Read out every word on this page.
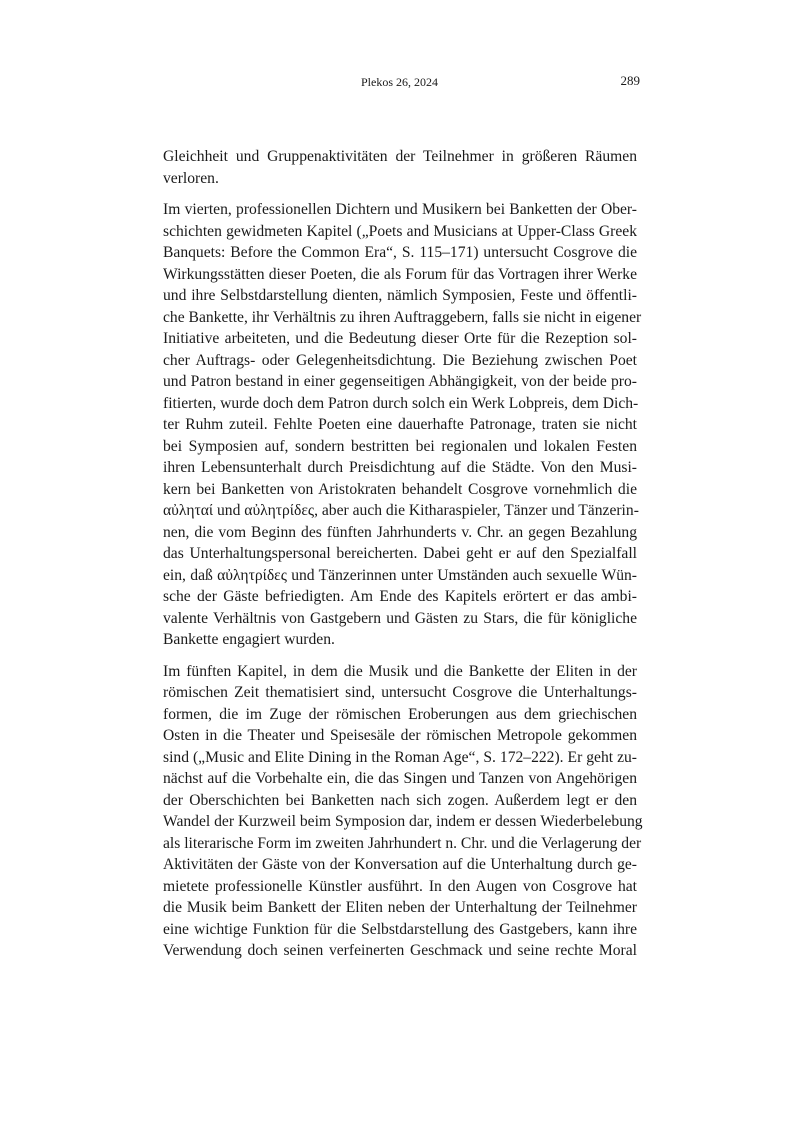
Plekos 26, 2024	289
Gleichheit und Gruppenaktivitäten der Teilnehmer in größeren Räumen
verloren.
Im vierten, professionellen Dichtern und Musikern bei Banketten der Ober-
schichten gewidmeten Kapitel („Poets and Musicians at Upper-Class Greek
Banquets: Before the Common Era“, S. 115–171) untersucht Cosgrove die
Wirkungsstätten dieser Poeten, die als Forum für das Vortragen ihrer Werke
und ihre Selbstdarstellung dienten, nämlich Symposien, Feste und öffentli-
che Bankette, ihr Verhältnis zu ihren Auftraggebern, falls sie nicht in eigener
Initiative arbeiteten, und die Bedeutung dieser Orte für die Rezeption sol-
cher Auftrags- oder Gelegenheitsdichtung. Die Beziehung zwischen Poet
und Patron bestand in einer gegenseitigen Abhängigkeit, von der beide pro-
fitierten, wurde doch dem Patron durch solch ein Werk Lobpreis, dem Dich-
ter Ruhm zuteil. Fehlte Poeten eine dauerhafte Patronage, traten sie nicht
bei Symposien auf, sondern bestritten bei regionalen und lokalen Festen
ihren Lebensunterhalt durch Preisdichtung auf die Städte. Von den Musi-
kern bei Banketten von Aristokraten behandelt Cosgrove vornehmlich die
αὐληταί und αὐλητρίδες, aber auch die Kitharaspieler, Tänzer und Tänzerin-
nen, die vom Beginn des fünften Jahrhunderts v. Chr. an gegen Bezahlung
das Unterhaltungspersonal bereicherten. Dabei geht er auf den Spezialfall
ein, daß αὐλητρίδες und Tänzerinnen unter Umständen auch sexuelle Wün-
sche der Gäste befriedigten. Am Ende des Kapitels erörtert er das ambi-
valente Verhältnis von Gastgebern und Gästen zu Stars, die für königliche
Bankette engagiert wurden.
Im fünften Kapitel, in dem die Musik und die Bankette der Eliten in der
römischen Zeit thematisiert sind, untersucht Cosgrove die Unterhaltungs-
formen, die im Zuge der römischen Eroberungen aus dem griechischen
Osten in die Theater und Speisesäle der römischen Metropole gekommen
sind („Music and Elite Dining in the Roman Age“, S. 172–222). Er geht zu-
nächst auf die Vorbehalte ein, die das Singen und Tanzen von Angehörigen
der Oberschichten bei Banketten nach sich zogen. Außerdem legt er den
Wandel der Kurzweil beim Symposion dar, indem er dessen Wiederbelebung
als literarische Form im zweiten Jahrhundert n. Chr. und die Verlagerung der
Aktivitäten der Gäste von der Konversation auf die Unterhaltung durch ge-
mietete professionelle Künstler ausführt. In den Augen von Cosgrove hat
die Musik beim Bankett der Eliten neben der Unterhaltung der Teilnehmer
eine wichtige Funktion für die Selbstdarstellung des Gastgebers, kann ihre
Verwendung doch seinen verfeinerten Geschmack und seine rechte Moral
